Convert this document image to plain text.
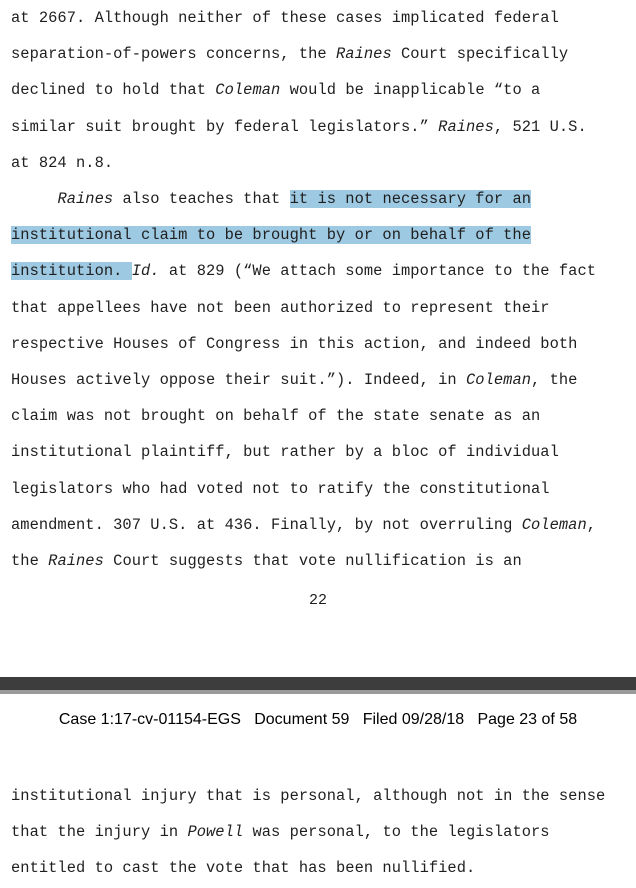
at 2667. Although neither of these cases implicated federal
separation-of-powers concerns, the Raines Court specifically
declined to hold that Coleman would be inapplicable “to a
similar suit brought by federal legislators.” Raines, 521 U.S.
at 824 n.8.
Raines also teaches that it is not necessary for an
institutional claim to be brought by or on behalf of the
institution. Id. at 829 (“We attach some importance to the fact
that appellees have not been authorized to represent their
respective Houses of Congress in this action, and indeed both
Houses actively oppose their suit.”). Indeed, in Coleman, the
claim was not brought on behalf of the state senate as an
institutional plaintiff, but rather by a bloc of individual
legislators who had voted not to ratify the constitutional
amendment. 307 U.S. at 436. Finally, by not overruling Coleman,
the Raines Court suggests that vote nullification is an
22
institutional injury that is personal, although not in the sense
that the injury in Powell was personal, to the legislators
entitled to cast the vote that has been nullified.
Case 1:17-cv-01154-EGS   Document 59   Filed 09/28/18   Page 23 of 58
